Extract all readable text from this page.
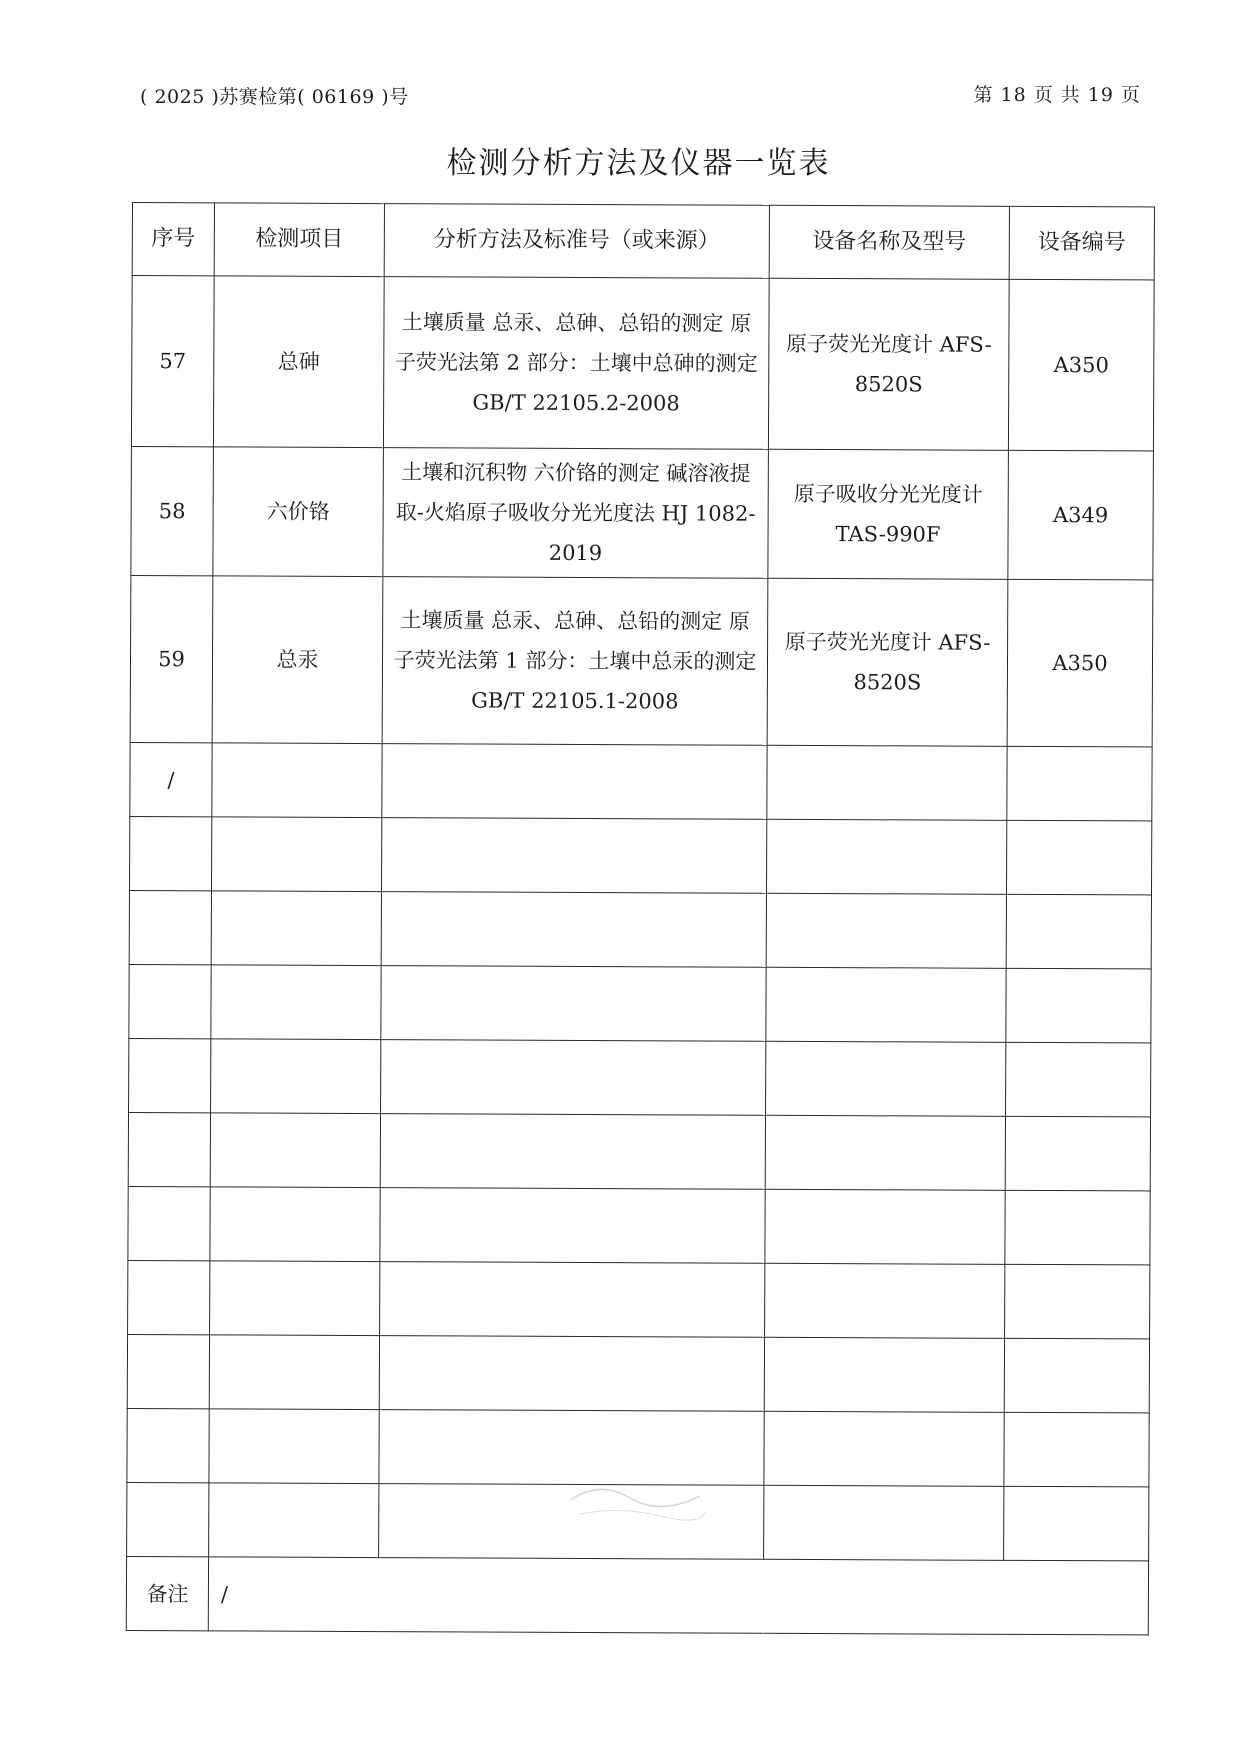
( 2025 )苏赛检第( 06169 )号	第 18 页 共 19 页
检测分析方法及仪器一览表
序号	检测项目	分析方法及标准号（或来源）	设备名称及型号	设备编号
57	总砷	土壤质量 总汞、总砷、总铅的测定 原子荧光法第 2 部分：土壤中总砷的测定 GB/T 22105.2-2008	原子荧光光度计 AFS-8520S	A350
58	六价铬	土壤和沉积物 六价铬的测定 碱溶液提取-火焰原子吸收分光光度法 HJ 1082-2019	原子吸收分光光度计 TAS-990F	A349
59	总汞	土壤质量 总汞、总砷、总铅的测定 原子荧光法第 1 部分：土壤中总汞的测定 GB/T 22105.1-2008	原子荧光光度计 AFS-8520S	A350
/				

备注	/			
